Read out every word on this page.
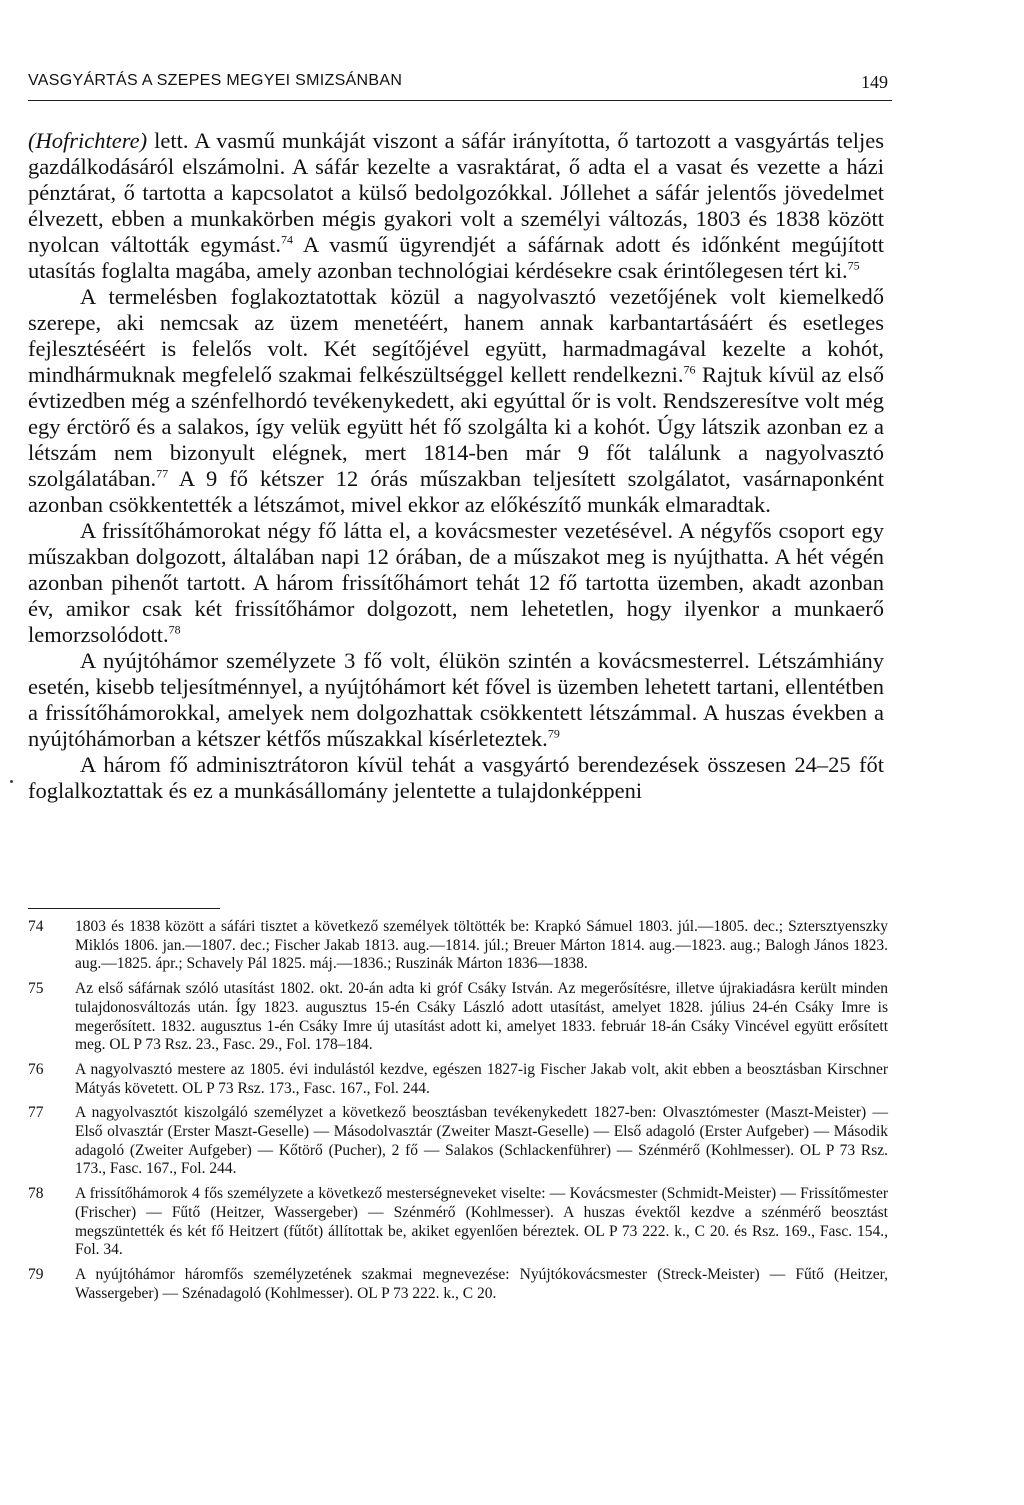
VASGYÁRTÁS A SZEPES MEGYEI SMIZSÁNBAN	149

(Hofrichtere) lett. A vasmű munkáját viszont a sáfár irányította, ő tartozott a vasgyártás teljes gazdálkodásáról elszámolni. A sáfár kezelte a vasraktárat, ő adta el a vasat és vezette a házi pénztárat, ő tartotta a kapcsolatot a külső bedolgozókkal. Jóllehet a sáfár jelentős jövedelmet élvezett, ebben a munkakörben mégis gyakori volt a személyi változás, 1803 és 1838 között nyolcan váltották egymást.$^{74}$ A vasmű ügyrendjét a sáfárnak adott és időnként megújított utasítás foglalta magába, amely azonban technológiai kérdésekre csak érintőlegesen tért ki.$^{75}$

A termelésben foglakoztatottak közül a nagyolvasztó vezetőjének volt kiemelkedő szerepe, aki nemcsak az üzem menetéért, hanem annak karbantartásáért és esetleges fejlesztéséért is felelős volt. Két segítőjével együtt, harmadmagával kezelte a kohót, mindhármuknak megfelelő szakmai felkészültséggel kellett rendelkezni.$^{76}$ Rajtuk kívül az első évtizedben még a szénfelhordó tevékenykedett, aki egyúttal őr is volt. Rendszeresítve volt még egy érctörő és a salakos, így velük együtt hét fő szolgálta ki a kohót. Úgy látszik azonban ez a létszám nem bizonyult elégnek, mert 1814-ben már 9 főt találunk a nagyolvasztó szolgálatában.$^{77}$ A 9 fő kétszer 12 órás műszakban teljesített szolgálatot, vasárnaponként azonban csökkentették a létszámot, mivel ekkor az előkészítő munkák elmaradtak.

A frissítőhámorokat négy fő látta el, a kovácsmester vezetésével. A négyfős csoport egy műszakban dolgozott, általában napi 12 órában, de a műszakot meg is nyújthatta. A hét végén azonban pihenőt tartott. A három frissítőhámort tehát 12 fő tartotta üzemben, akadt azonban év, amikor csak két frissítőhámor dolgozott, nem lehetetlen, hogy ilyenkor a munkaerő lemorzsolódott.$^{78}$

A nyújtóhámor személyzete 3 fő volt, élükön szintén a kovácsmesterrel. Létszámhiány esetén, kisebb teljesítménnyel, a nyújtóhámort két fővel is üzemben lehetett tartani, ellentétben a frissítőhámorokkal, amelyek nem dolgozhattak csökkentett létszámmal. A huszas években a nyújtóhámorban a kétszer kétfős műszakkal kísérleteztek.$^{79}$

A három fő adminisztrátoron kívül tehát a vasgyártó berendezések összesen 24–25 főt foglalkoztattak és ez a munkásállomány jelentette a tulajdonképpeni

74	1803 és 1838 között a sáfári tisztet a következő személyek töltötték be: Krapkó Sámuel 1803. júl.—1805. dec.; Sztersztyenszky Miklós 1806. jan.—1807. dec.; Fischer Jakab 1813. aug.—1814. júl.; Breuer Márton 1814. aug.—1823. aug.; Balogh János 1823. aug.—1825. ápr.; Schavely Pál 1825. máj.—1836.; Ruszinák Márton 1836—1838.
75	Az első sáfárnak szóló utasítást 1802. okt. 20-án adta ki gróf Csáky István. Az megerősítésre, illetve újrakiadásra került minden tulajdonosváltozás után. Így 1823. augusztus 15-én Csáky László adott utasítást, amelyet 1828. július 24-én Csáky Imre is megerősített. 1832. augusztus 1-én Csáky Imre új utasítást adott ki, amelyet 1833. február 18-án Csáky Vincével együtt erősített meg. OL P 73 Rsz. 23., Fasc. 29., Fol. 178–184.
76	A nagyolvasztó mestere az 1805. évi indulástól kezdve, egészen 1827-ig Fischer Jakab volt, akit ebben a beosztásban Kirschner Mátyás követett. OL P 73 Rsz. 173., Fasc. 167., Fol. 244.
77	A nagyolvasztót kiszolgáló személyzet a következő beosztásban tevékenykedett 1827-ben: Olvasztómester (Maszt-Meister) — Első olvasztár (Erster Maszt-Geselle) — Másodolvasztár (Zweiter Maszt-Geselle) — Első adagoló (Erster Aufgeber) — Második adagoló (Zweiter Aufgeber) — Kőtörő (Pucher), 2 fő — Salakos (Schlackenführer) — Szénmérő (Kohlmesser). OL P 73 Rsz. 173., Fasc. 167., Fol. 244.
78	A frissítőhámorok 4 fős személyzete a következő mesterségneveket viselte: — Kovácsmester (Schmidt-Meister) — Frissítőmester (Frischer) — Fűtő (Heitzer, Wassergeber) — Szénmérő (Kohlmesser). A huszas évektől kezdve a szénmérő beosztást megszüntették és két fő Heitzert (fűtőt) állítottak be, akiket egyenlően béreztek. OL P 73 222. k., C 20. és Rsz. 169., Fasc. 154., Fol. 34.
79	A nyújtóhámor háromfős személyzetének szakmai megnevezése: Nyújtókovácsmester (Streck-Meister) — Fűtő (Heitzer, Wassergeber) — Szénadagoló (Kohlmesser). OL P 73 222. k., C 20.
